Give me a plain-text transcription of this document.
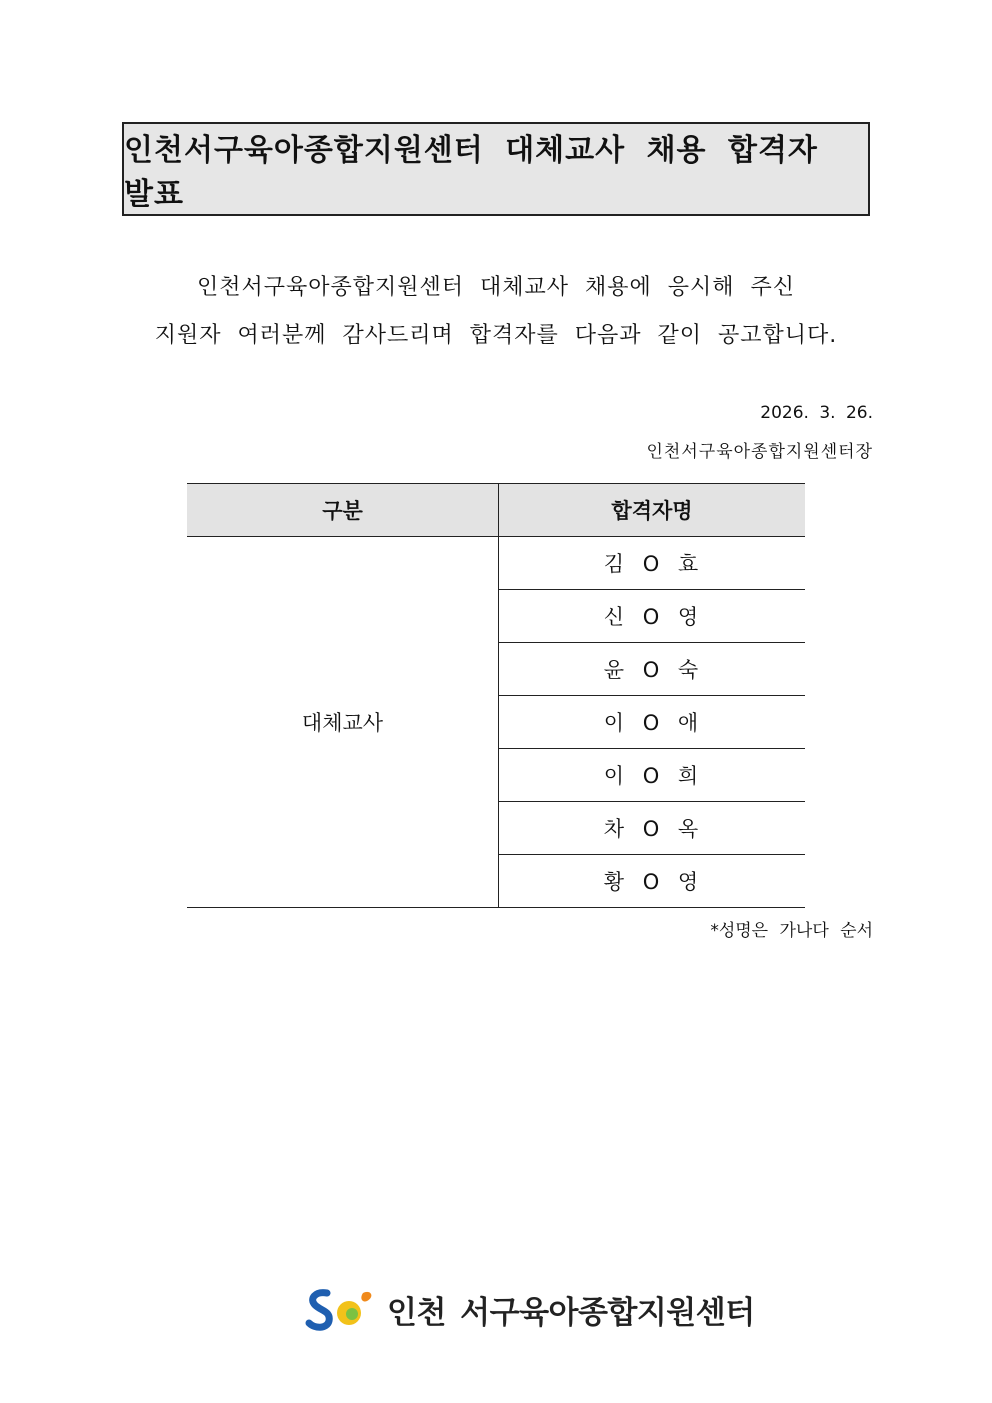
인천서구육아종합지원센터 대체교사 채용 합격자 발표
인천서구육아종합지원센터 대체교사 채용에 응시해 주신
지원자 여러분께 감사드리며 합격자를 다음과 같이 공고합니다.
2026. 3. 26.
인천서구육아종합지원센터장
구분	합격자명
대체교사	김 O 효
	신 O 영
	윤 O 숙
	이 O 애
	이 O 희
	차 O 옥
	황 O 영
*성명은 가나다 순서
인천 서구육아종합지원센터
